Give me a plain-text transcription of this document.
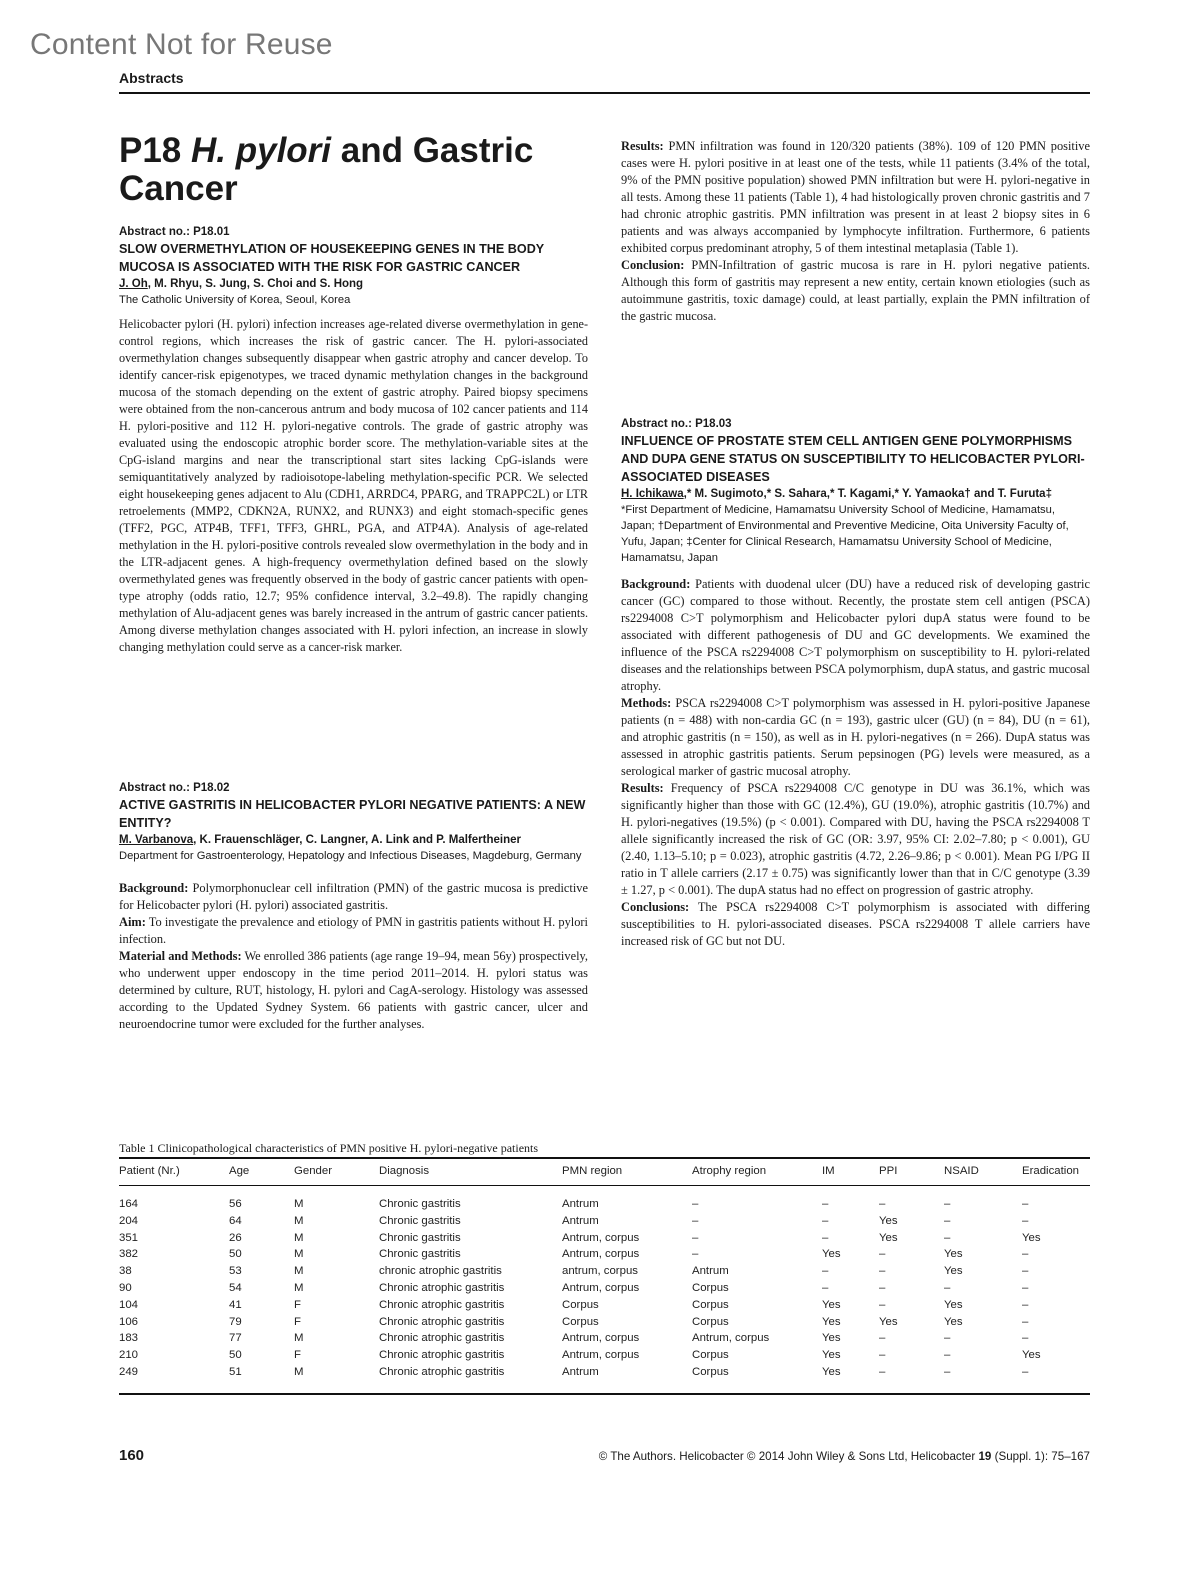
Content Not for Reuse
Abstracts
P18 H. pylori and Gastric Cancer
Abstract no.: P18.01
SLOW OVERMETHYLATION OF HOUSEKEEPING GENES IN THE BODY MUCOSA IS ASSOCIATED WITH THE RISK FOR GASTRIC CANCER
J. Oh, M. Rhyu, S. Jung, S. Choi and S. Hong
The Catholic University of Korea, Seoul, Korea

Helicobacter pylori (H. pylori) infection increases age-related diverse overmethylation in gene-control regions, which increases the risk of gastric cancer. The H. pylori-associated overmethylation changes subsequently disappear when gastric atrophy and cancer develop. To identify cancer-risk epigenotypes, we traced dynamic methylation changes in the background mucosa of the stomach depending on the extent of gastric atrophy. Paired biopsy specimens were obtained from the non-cancerous antrum and body mucosa of 102 cancer patients and 114 H. pylori-positive and 112 H. pylori-negative controls. The grade of gastric atrophy was evaluated using the endoscopic atrophic border score. The methylation-variable sites at the CpG-island margins and near the transcriptional start sites lacking CpG-islands were semiquantitatively analyzed by radioisotope-labeling methylation-specific PCR. We selected eight housekeeping genes adjacent to Alu (CDH1, ARRDC4, PPARG, and TRAPPC2L) or LTR retroelements (MMP2, CDKN2A, RUNX2, and RUNX3) and eight stomach-specific genes (TFF2, PGC, ATP4B, TFF1, TFF3, GHRL, PGA, and ATP4A). Analysis of age-related methylation in the H. pylori-positive controls revealed slow overmethylation in the body and in the LTR-adjacent genes. A high-frequency overmethylation defined based on the slowly overmethylated genes was frequently observed in the body of gastric cancer patients with open-type atrophy (odds ratio, 12.7; 95% confidence interval, 3.2–49.8). The rapidly changing methylation of Alu-adjacent genes was barely increased in the antrum of gastric cancer patients. Among diverse methylation changes associated with H. pylori infection, an increase in slowly changing methylation could serve as a cancer-risk marker.

Abstract no.: P18.02
ACTIVE GASTRITIS IN HELICOBACTER PYLORI NEGATIVE PATIENTS: A NEW ENTITY?
M. Varbanova, K. Frauenschläger, C. Langner, A. Link and P. Malfertheiner
Department for Gastroenterology, Hepatology and Infectious Diseases, Magdeburg, Germany

Background: Polymorphonuclear cell infiltration (PMN) of the gastric mucosa is predictive for Helicobacter pylori (H. pylori) associated gastritis.

Aim: To investigate the prevalence and etiology of PMN in gastritis patients without H. pylori infection.

Material and Methods: We enrolled 386 patients (age range 19–94, mean 56y) prospectively, who underwent upper endoscopy in the time period 2011–2014. H. pylori status was determined by culture, RUT, histology, H. pylori and CagA-serology. Histology was assessed according to the Updated Sydney System. 66 patients with gastric cancer, ulcer and neuroendocrine tumor were excluded for the further analyses.

Results: PMN infiltration was found in 120/320 patients (38%). 109 of 120 PMN positive cases were H. pylori positive in at least one of the tests, while 11 patients (3.4% of the total, 9% of the PMN positive population) showed PMN infiltration but were H. pylori-negative in all tests. Among these 11 patients (Table 1), 4 had histologically proven chronic gastritis and 7 had chronic atrophic gastritis. PMN infiltration was present in at least 2 biopsy sites in 6 patients and was always accompanied by lymphocyte infiltration. Furthermore, 6 patients exhibited corpus predominant atrophy, 5 of them intestinal metaplasia (Table 1).

Conclusion: PMN-Infiltration of gastric mucosa is rare in H. pylori negative patients. Although this form of gastritis may represent a new entity, certain known etiologies (such as autoimmune gastritis, toxic damage) could, at least partially, explain the PMN infiltration of the gastric mucosa.

Abstract no.: P18.03
INFLUENCE OF PROSTATE STEM CELL ANTIGEN GENE POLYMORPHISMS AND DUPA GENE STATUS ON SUSCEPTIBILITY TO HELICOBACTER PYLORI-ASSOCIATED DISEASES
H. Ichikawa,* M. Sugimoto,* S. Sahara,* T. Kagami,* Y. Yamaoka† and T. Furuta‡
*First Department of Medicine, Hamamatsu University School of Medicine, Hamamatsu, Japan; †Department of Environmental and Preventive Medicine, Oita University Faculty of, Yufu, Japan; ‡Center for Clinical Research, Hamamatsu University School of Medicine, Hamamatsu, Japan

Background: Patients with duodenal ulcer (DU) have a reduced risk of developing gastric cancer (GC) compared to those without. Recently, the prostate stem cell antigen (PSCA) rs2294008 C>T polymorphism and Helicobacter pylori dupA status were found to be associated with different pathogenesis of DU and GC developments. We examined the influence of the PSCA rs2294008 C>T polymorphism on susceptibility to H. pylori-related diseases and the relationships between PSCA polymorphism, dupA status, and gastric mucosal atrophy.

Methods: PSCA rs2294008 C>T polymorphism was assessed in H. pylori-positive Japanese patients (n = 488) with non-cardia GC (n = 193), gastric ulcer (GU) (n = 84), DU (n = 61), and atrophic gastritis (n = 150), as well as in H. pylori-negatives (n = 266). DupA status was assessed in atrophic gastritis patients. Serum pepsinogen (PG) levels were measured, as a serological marker of gastric mucosal atrophy.

Results: Frequency of PSCA rs2294008 C/C genotype in DU was 36.1%, which was significantly higher than those with GC (12.4%), GU (19.0%), atrophic gastritis (10.7%) and H. pylori-negatives (19.5%) (p < 0.001). Compared with DU, having the PSCA rs2294008 T allele significantly increased the risk of GC (OR: 3.97, 95% CI: 2.02–7.80; p < 0.001), GU (2.40, 1.13–5.10; p = 0.023), atrophic gastritis (4.72, 2.26–9.86; p < 0.001). Mean PG I/PG II ratio in T allele carriers (2.17 ± 0.75) was significantly lower than that in C/C genotype (3.39 ± 1.27, p < 0.001). The dupA status had no effect on progression of gastric atrophy.

Conclusions: The PSCA rs2294008 C>T polymorphism is associated with differing susceptibilities to H. pylori-associated diseases. PSCA rs2294008 T allele carriers have increased risk of GC but not DU.

Table 1 Clinicopathological characteristics of PMN positive H. pylori-negative patients
Patient (Nr.)	Age	Gender	Diagnosis	PMN region	Atrophy region	IM	PPI	NSAID	Eradication
164	56	M	Chronic gastritis	Antrum	–	–	–	–	–
204	64	M	Chronic gastritis	Antrum	–	–	Yes	–	–
351	26	M	Chronic gastritis	Antrum, corpus	–	–	Yes	–	Yes
382	50	M	Chronic gastritis	Antrum, corpus	–	Yes	–	Yes	–
38	53	M	chronic atrophic gastritis	antrum, corpus	Antrum	–	–	Yes	–
90	54	M	Chronic atrophic gastritis	Antrum, corpus	Corpus	–	–	–	–
104	41	F	Chronic atrophic gastritis	Corpus	Corpus	Yes	–	Yes	–
106	79	F	Chronic atrophic gastritis	Corpus	Corpus	Yes	Yes	Yes	–
183	77	M	Chronic atrophic gastritis	Antrum, corpus	Antrum, corpus	Yes	–	–	–
210	50	F	Chronic atrophic gastritis	Antrum, corpus	Corpus	Yes	–	–	Yes
249	51	M	Chronic atrophic gastritis	Antrum	Corpus	Yes	–	–	–
160	© The Authors. Helicobacter © 2014 John Wiley & Sons Ltd, Helicobacter 19 (Suppl. 1): 75–167
